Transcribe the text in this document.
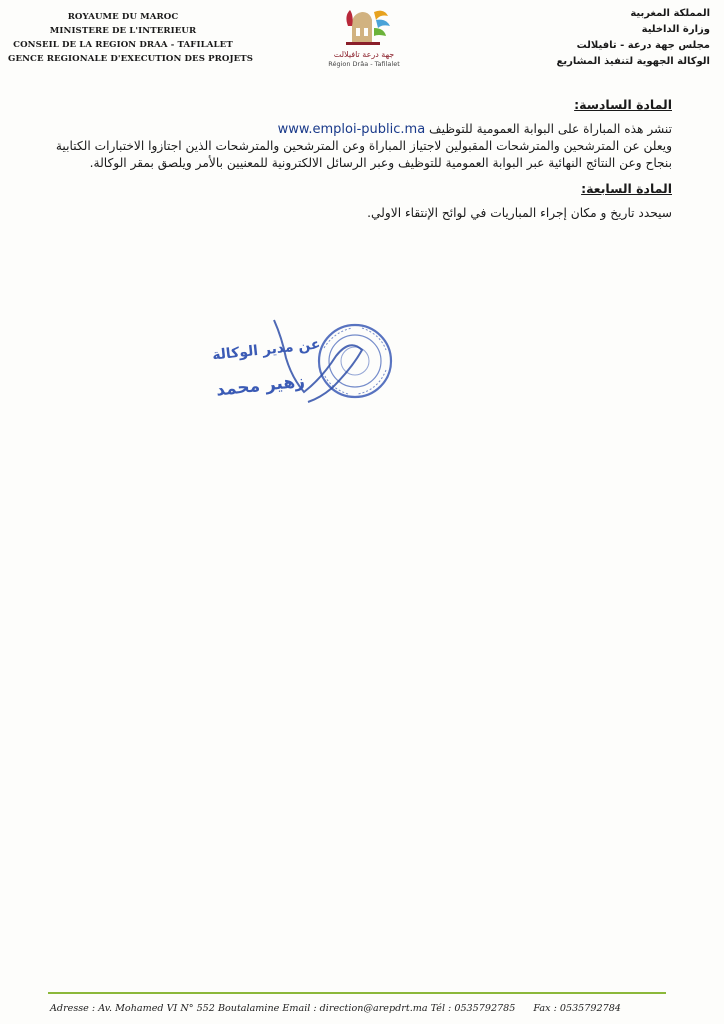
ROYAUME DU MAROC
MINISTERE DE L'INTERIEUR
CONSEIL DE LA REGION DRAA - TAFILALET
GENCE REGIONALE D'EXECUTION DES PROJETS	جهة درعة تافيلالت
Région Drâa - Tafilalet
المملكة المغربية
وزارة الداخلية
مجلس جهة درعة - تافيلالت
الوكالة الجهوية لتنفيذ المشاريع
المادة السادسة:
تنشر هذه المباراة على البوابة العمومية للتوظيف www.emploi-public.ma
ويعلن عن المترشحين والمترشحات المقبولين لاجتياز المباراة وعن المترشحين والمترشحات الذين اجتازوا الاختبارات الكتابية
بنجاح وعن النتائج النهائية عبر البوابة العمومية للتوظيف وعبر الرسائل الالكترونية للمعنيين بالأمر ويلصق بمقر الوكالة.
المادة السابعة:
سيحدد تاريخ و مكان إجراء المباريات في لوائح الإنتقاء الاولي.
عن مدير الوكالة
زهير محمد
Adresse : Av. Mohamed VI N° 552 Boutalamine Email : direction@arepdrt.ma Tél : 0535792785 Fax : 0535792784
